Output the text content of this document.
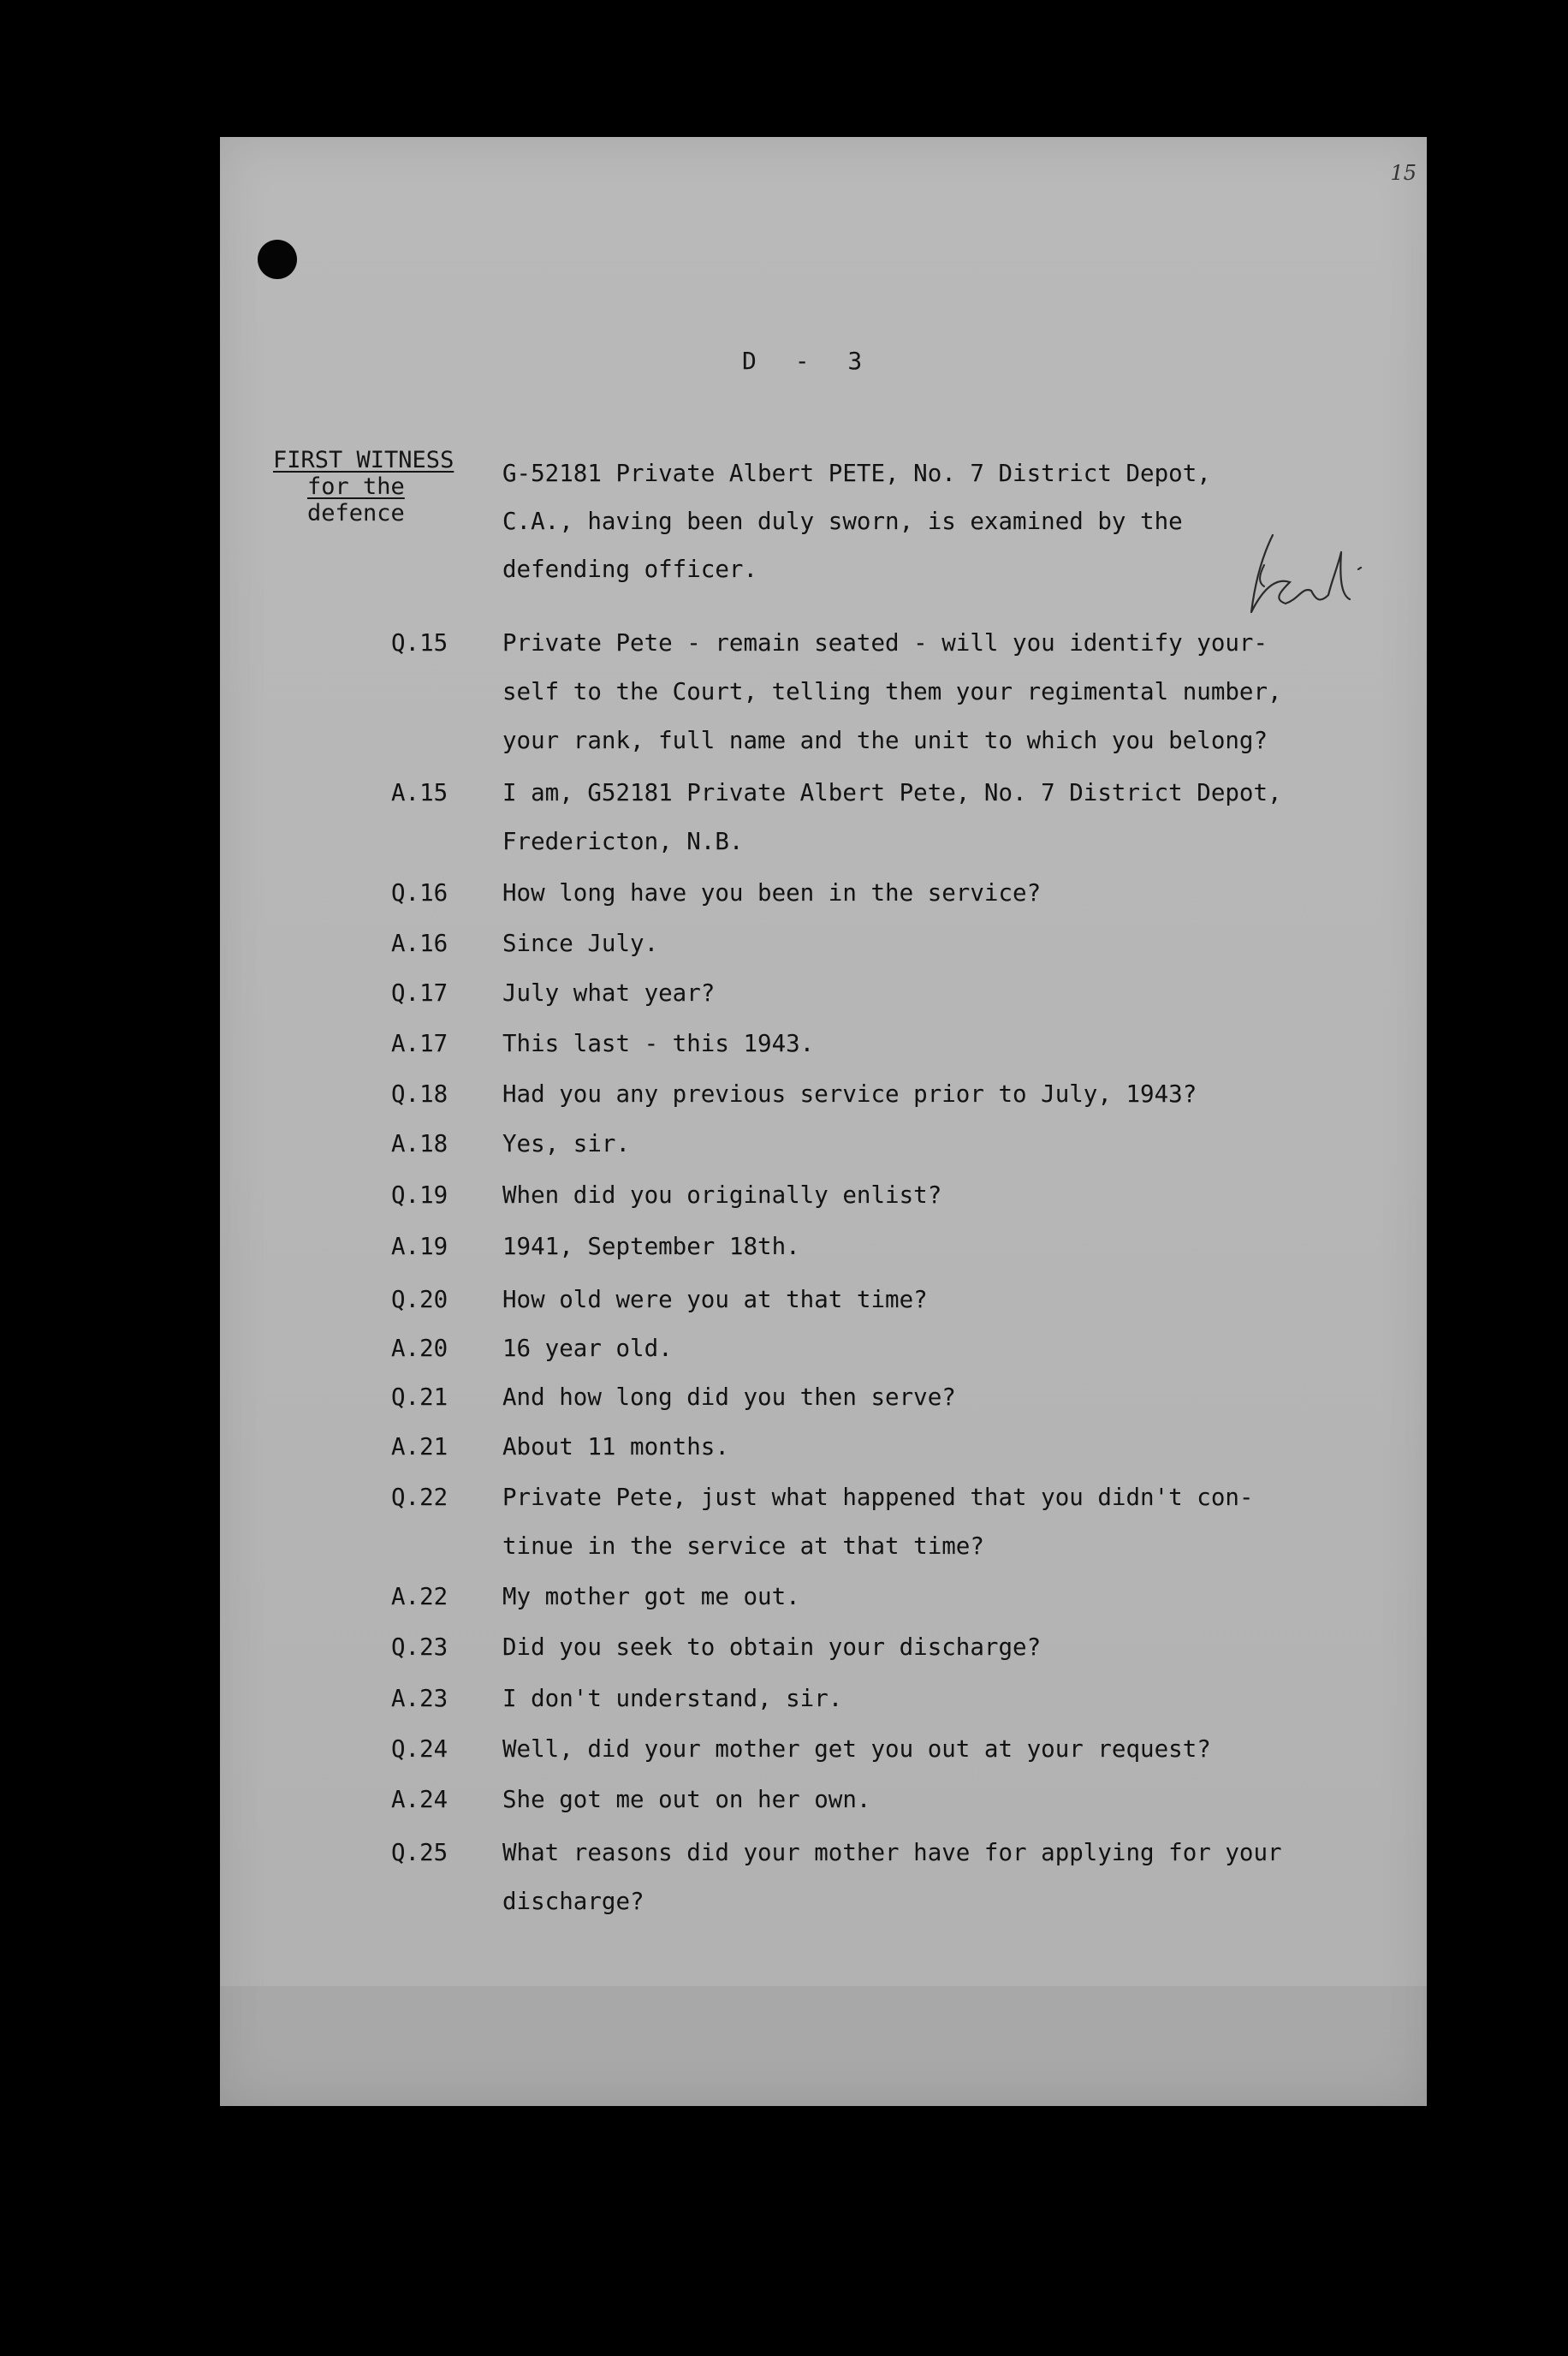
15
D - 3
FIRST WITNESS
for the
defence
G-52181 Private Albert PETE, No. 7 District Depot,
C.A., having been duly sworn, is examined by the
defending officer.
Q.15	Private Pete - remain seated - will you identify your-
self to the Court, telling them your regimental number,
your rank, full name and the unit to which you belong?
A.15	I am, G52181 Private Albert Pete, No. 7 District Depot,
Fredericton, N.B.
Q.16	How long have you been in the service?
A.16	Since July.
Q.17	July what year?
A.17	This last - this 1943.
Q.18	Had you any previous service prior to July, 1943?
A.18	Yes, sir.
Q.19	When did you originally enlist?
A.19	1941, September 18th.
Q.20	How old were you at that time?
A.20	16 year old.
Q.21	And how long did you then serve?
A.21	About 11 months.
Q.22	Private Pete, just what happened that you didn't con-
tinue in the service at that time?
A.22	My mother got me out.
Q.23	Did you seek to obtain your discharge?
A.23	I don't understand, sir.
Q.24	Well, did your mother get you out at your request?
A.24	She got me out on her own.
Q.25	What reasons did your mother have for applying for your
discharge?
